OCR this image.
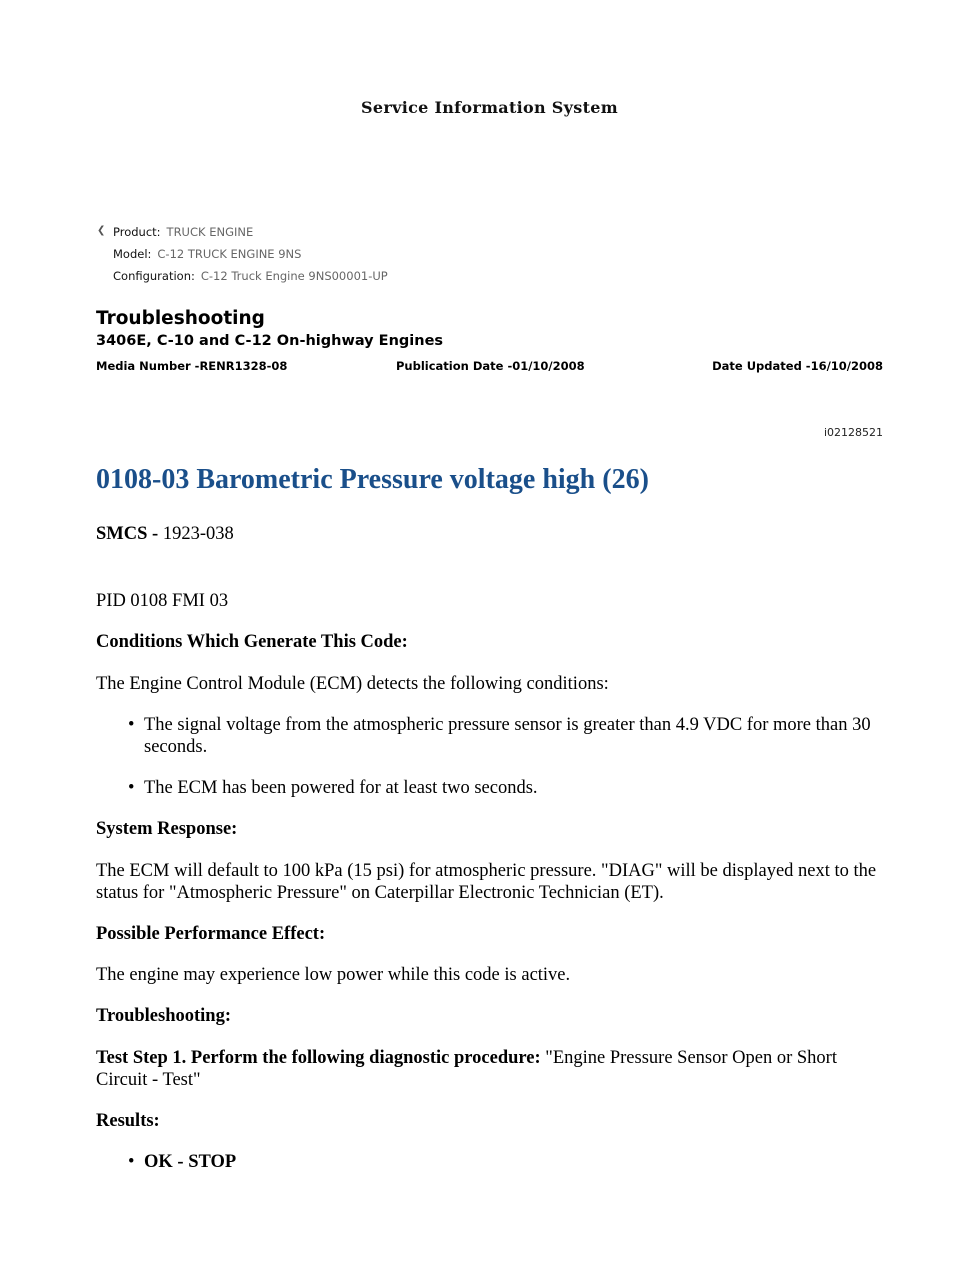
Service Information System
❮ Product: TRUCK ENGINE
Model: C-12 TRUCK ENGINE 9NS
Configuration: C-12 Truck Engine 9NS00001-UP
Troubleshooting
3406E, C-10 and C-12 On-highway Engines
Media Number -RENR1328-08	Publication Date -01/10/2008	Date Updated -16/10/2008
i02128521
0108-03 Barometric Pressure voltage high (26)
SMCS - 1923-038
PID 0108 FMI 03
Conditions Which Generate This Code:
The Engine Control Module (ECM) detects the following conditions:
• The signal voltage from the atmospheric pressure sensor is greater than 4.9 VDC for more than 30 seconds.
• The ECM has been powered for at least two seconds.
System Response:
The ECM will default to 100 kPa (15 psi) for atmospheric pressure. "DIAG" will be displayed next to the status for "Atmospheric Pressure" on Caterpillar Electronic Technician (ET).
Possible Performance Effect:
The engine may experience low power while this code is active.
Troubleshooting:
Test Step 1. Perform the following diagnostic procedure: "Engine Pressure Sensor Open or Short Circuit - Test"
Results:
• OK - STOP
